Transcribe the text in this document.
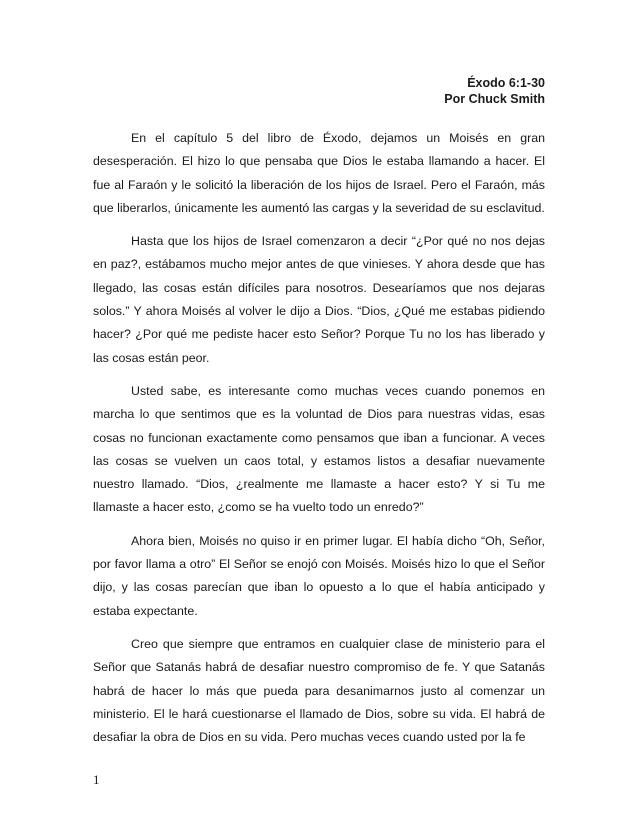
Éxodo 6:1-30
Por Chuck Smith

En el capítulo 5 del libro de Éxodo, dejamos un Moisés en gran desesperación. El hizo lo que pensaba que Dios le estaba llamando a hacer. El fue al Faraón y le solicitó la liberación de los hijos de Israel. Pero el Faraón, más que liberarlos, únicamente les aumentó las cargas y la severidad de su esclavitud.

Hasta que los hijos de Israel comenzaron a decir “¿Por qué no nos dejas en paz?, estábamos mucho mejor antes de que vinieses. Y ahora desde que has llegado, las cosas están difíciles para nosotros. Desearíamos que nos dejaras solos.” Y ahora Moisés al volver le dijo a Dios. “Dios, ¿Qué me estabas pidiendo hacer? ¿Por qué me pediste hacer esto Señor? Porque Tu no los has liberado y las cosas están peor.

Usted sabe, es interesante como muchas veces cuando ponemos en marcha lo que sentimos que es la voluntad de Dios para nuestras vidas, esas cosas no funcionan exactamente como pensamos que iban a funcionar. A veces las cosas se vuelven un caos total, y estamos listos a desafiar nuevamente nuestro llamado. “Dios, ¿realmente me llamaste a hacer esto? Y si Tu me llamaste a hacer esto, ¿como se ha vuelto todo un enredo?”

Ahora bien, Moisés no quiso ir en primer lugar. El había dicho “Oh, Señor, por favor llama a otro” El Señor se enojó con Moisés. Moisés hizo lo que el Señor dijo, y las cosas parecían que iban lo opuesto a lo que el había anticipado y estaba expectante.

Creo que siempre que entramos en cualquier clase de ministerio para el Señor que Satanás habrá de desafiar nuestro compromiso de fe. Y que Satanás habrá de hacer lo más que pueda para desanimarnos justo al comenzar un ministerio. El le hará cuestionarse el llamado de Dios, sobre su vida. El habrá de desafiar la obra de Dios en su vida. Pero muchas veces cuando usted por la fe

1
